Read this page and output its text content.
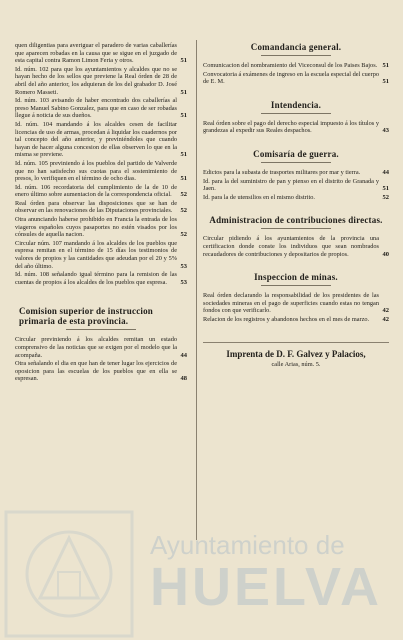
quen diligentias para averiguar el paradero de varias caballerías que aparecen robadas en la causa que se sigue en el juzgado de esta capital contra Ramon Limon Feria y otros.	51

Id. núm. 102 para que los ayuntamientos y alcaldes que no se hayan hecho de los sellos que previene la Real órden de 28 de abril del año anterior, los adquieran de los del grabador D. José Romero Masseti.	51

Id. núm. 103 avisando de haber encontrado dos caballerías al preso Manuel Sabino Gonzalez, para que en caso de ser robadas llegue á noticia de sus dueños.	51

Id. núm. 104 mandando á los alcaldes cesen de facilitar licencias de uso de armas, procedan á liquidar los cuadernos por tal concepto del año anterior, y previniéndoles que cuando hayan de hacer alguna concesion de ellas observen lo que en la misma se previene.	51

Id. núm. 105 previniendo á los pueblos del partido de Valverde que no han satisfecho sus cuotas para el sostenimiento de presos, lo verifiquen en el término de ocho dias.	51

Id. núm. 106 recordatoria del cumplimiento de la de 10 de enero último sobre aumentacion de la correspondencia oficial. 52

Real órden para observar las disposiciones que se han de observar en las renovaciones de las Diputaciones provinciales. 52

Otra anunciando haberse prohibido en Francia la entrada de los viageros españoles cuyos pasaportes no estén visados por los cónsules de aquella nacion.	52

Circular núm. 107 mandando á los alcaldes de los pueblos que espresa remitan en el término de 15 días los testimonios de valores de propios y las cantidades que adeudan por el 20 y 5% del año último.	53

Id. núm. 108 señalando igual término para la remision de las cuentas de propios á los alcaldes de los pueblos que espresa. 53

Comision superior de instruccion primaria de esta provincia.

Circular previniendo á los alcaldes remitan un estado comprensivo de las noticias que se exigen por el modelo que la acompaña.	44

Otra señalando el dia en que han de tener lugar los ejercicios de oposicion para las escuelas de los pueblos que en ella se espresan.	48

Comandancia general.

Comunicacion del nombramiento del Viceconsul de los Paises Bajos. 51

Convocatoria á exámenes de ingreso en la escuela especial del cuerpo de E. M.	51

Intendencia.

Real órden sobre el pago del derecho especial impuesto á los títulos y grandezas al expedir sus Reales despachos.	43

Comisaría de guerra.

Edictos para la subasta de trasportes militares por mar y tierra.	44

Id. para la del suministro de pan y pienso en el distrito de Granada y Jaen.	51

Id. para la de utensilios en el mismo distrito.	52

Administracion de contribuciones directas.

Circular pidiendo á los ayuntamientos de la provincia una certificacion donde conste los individuos que sean nombrados recaudadores de contribuciones y depositarios de propios.	40

Inspeccion de minas.

Real órden declarando la responsabilidad de los presidentes de las sociedades mineras en el pago de superficies cuando estas no tengan fondos con que verificarlo.	42

Relacion de los registros y abandonos hechos en el mes de marzo. 42

Imprenta de D. F. Galvez y Palacios,
calle Arias, núm. 5.
Ayuntamiento de
HUELVA
